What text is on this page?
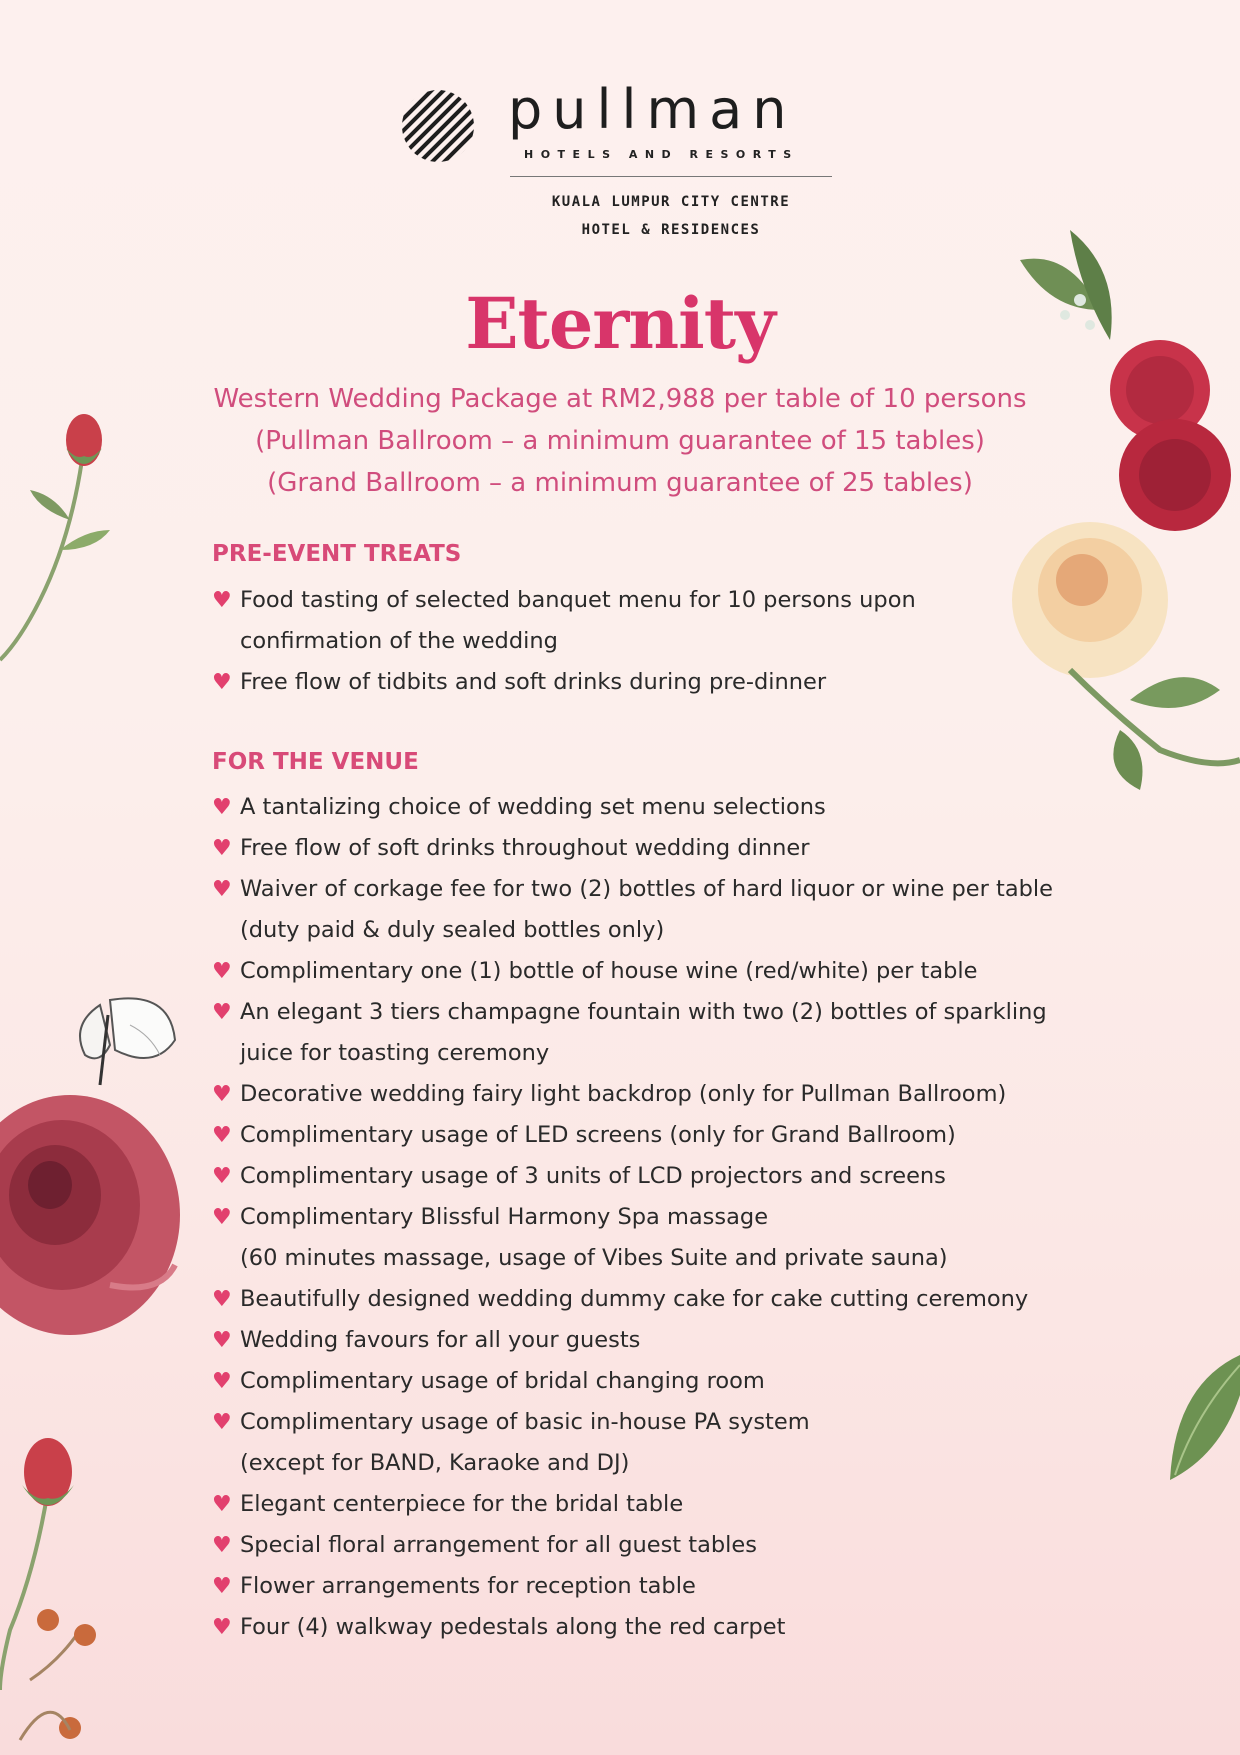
pullman
HOTELS AND RESORTS
KUALA LUMPUR CITY CENTRE
HOTEL & RESIDENCES
Eternity
Western Wedding Package at RM2,988 per table of 10 persons
(Pullman Ballroom – a minimum guarantee of 15 tables)
(Grand Ballroom – a minimum guarantee of 25 tables)
PRE-EVENT TREATS
♥ Food tasting of selected banquet menu for 10 persons upon
confirmation of the wedding
♥ Free flow of tidbits and soft drinks during pre-dinner
FOR THE VENUE
♥ A tantalizing choice of wedding set menu selections
♥ Free flow of soft drinks throughout wedding dinner
♥ Waiver of corkage fee for two (2) bottles of hard liquor or wine per table
(duty paid & duly sealed bottles only)
♥ Complimentary one (1) bottle of house wine (red/white) per table
♥ An elegant 3 tiers champagne fountain with two (2) bottles of sparkling
juice for toasting ceremony
♥ Decorative wedding fairy light backdrop (only for Pullman Ballroom)
♥ Complimentary usage of LED screens (only for Grand Ballroom)
♥ Complimentary usage of 3 units of LCD projectors and screens
♥ Complimentary Blissful Harmony Spa massage
(60 minutes massage, usage of Vibes Suite and private sauna)
♥ Beautifully designed wedding dummy cake for cake cutting ceremony
♥ Wedding favours for all your guests
♥ Complimentary usage of bridal changing room
♥ Complimentary usage of basic in-house PA system
(except for BAND, Karaoke and DJ)
♥ Elegant centerpiece for the bridal table
♥ Special floral arrangement for all guest tables
♥ Flower arrangements for reception table
♥ Four (4) walkway pedestals along the red carpet
